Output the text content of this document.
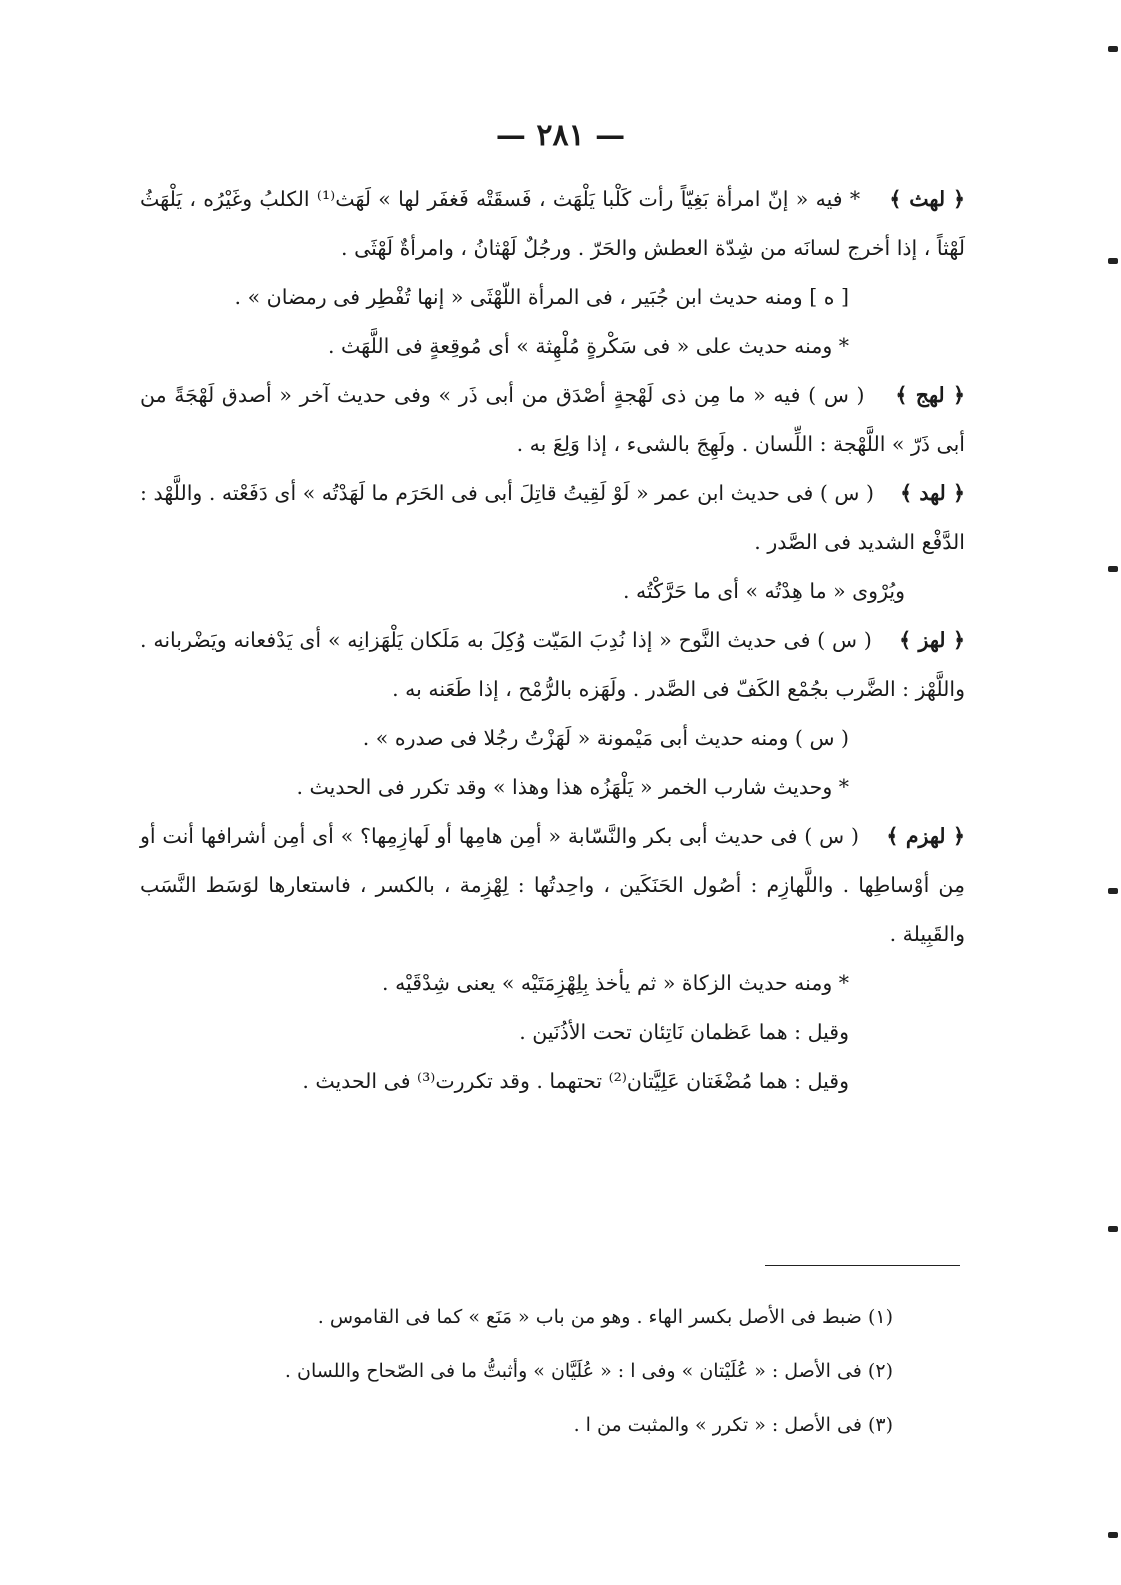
— ٢٨١ —

﴿ لهث ﴾    * فيه « إنّ امرأة بَغِيّاً رأت كَلْبا يَلْهَث ، فَسقَتْه فَغفَر لها » لَهَث⁽¹⁾ الكلبُ وغَيْرُه ، يَلْهَثُ لَهْثاً ، إذا أخرج لسانَه من شِدّة العطش والحَرّ . ورجُلٌ لَهْثانُ ، وامرأةٌ لَهْثَى .

[ ه ] ومنه حديث ابن جُبَير ، فى المرأة اللّهْثَى « إنها تُفْطِر فى رمضان » .

* ومنه حديث على « فى سَكْرةٍ مُلْهِثة » أى مُوقِعةٍ فى اللَّهَث .

﴿ لهج ﴾    ( س ) فيه « ما مِن ذى لَهْجةٍ أصْدَق من أبى ذَر » وفى حديث آخر « أصدق لَهْجَةً من أبى ذَرّ » اللَّهْجة : اللِّسان . ولَهِجَ بالشىء ، إذا وَلِعَ به .

﴿ لهد ﴾    ( س ) فى حديث ابن عمر « لَوْ لَقِيتُ قاتِلَ أبى فى الحَرَم ما لَهَدْتُه » أى دَفَعْته . واللَّهْد : الدَّفْع الشديد فى الصَّدر .

ويُرْوى « ما هِدْتُه » أى ما حَرَّكْتُه .

﴿ لهز ﴾    ( س ) فى حديث النَّوح « إذا نُدِبَ المَيّت وُكِلَ به مَلَكان يَلْهَزانِه » أى يَدْفعانه ويَضْربانه . واللَّهْز : الضَّرب بجُمْع الكَفّ فى الصَّدر . ولَهَزه بالرُّمْح ، إذا طَعَنه به .

( س ) ومنه حديث أبى مَيْمونة « لَهَزْتُ رجُلا فى صدره » .

* وحديث شارب الخمر « يَلْهَزُه هذا وهذا » وقد تكرر فى الحديث .

﴿ لهزم ﴾    ( س ) فى حديث أبى بكر والنَّسّابة « أمِن هامِها أو لَهازِمِها؟ » أى أمِن أشرافها أنت أو مِن أوْساطِها . واللَّهازِم : أصُول الحَنَكَين ، واحِدتُها : لِهْزِمة ، بالكسر ، فاستعارها لوَسَط النَّسَب والقَبِيلة .

* ومنه حديث الزكاة « ثم يأخذ بِلِهْزِمَتَيْه » يعنى شِدْقَيْه .

وقيل : هما عَظمان نَاتِئان تحت الأذُنَين .

وقيل : هما مُضْغَتان عَلِيَّتان⁽²⁾ تحتهما . وقد تكررت⁽³⁾ فى الحديث .

(١) ضبط فى الأصل بكسر الهاء . وهو من باب « مَنَع » كما فى القاموس .

(٢) فى الأصل : « عُلَيْتان » وفى ا : « عُلَيَّان » وأثبتُّ ما فى الصّحاح واللسان .

(٣) فى الأصل : « تكرر » والمثبت من ا .
